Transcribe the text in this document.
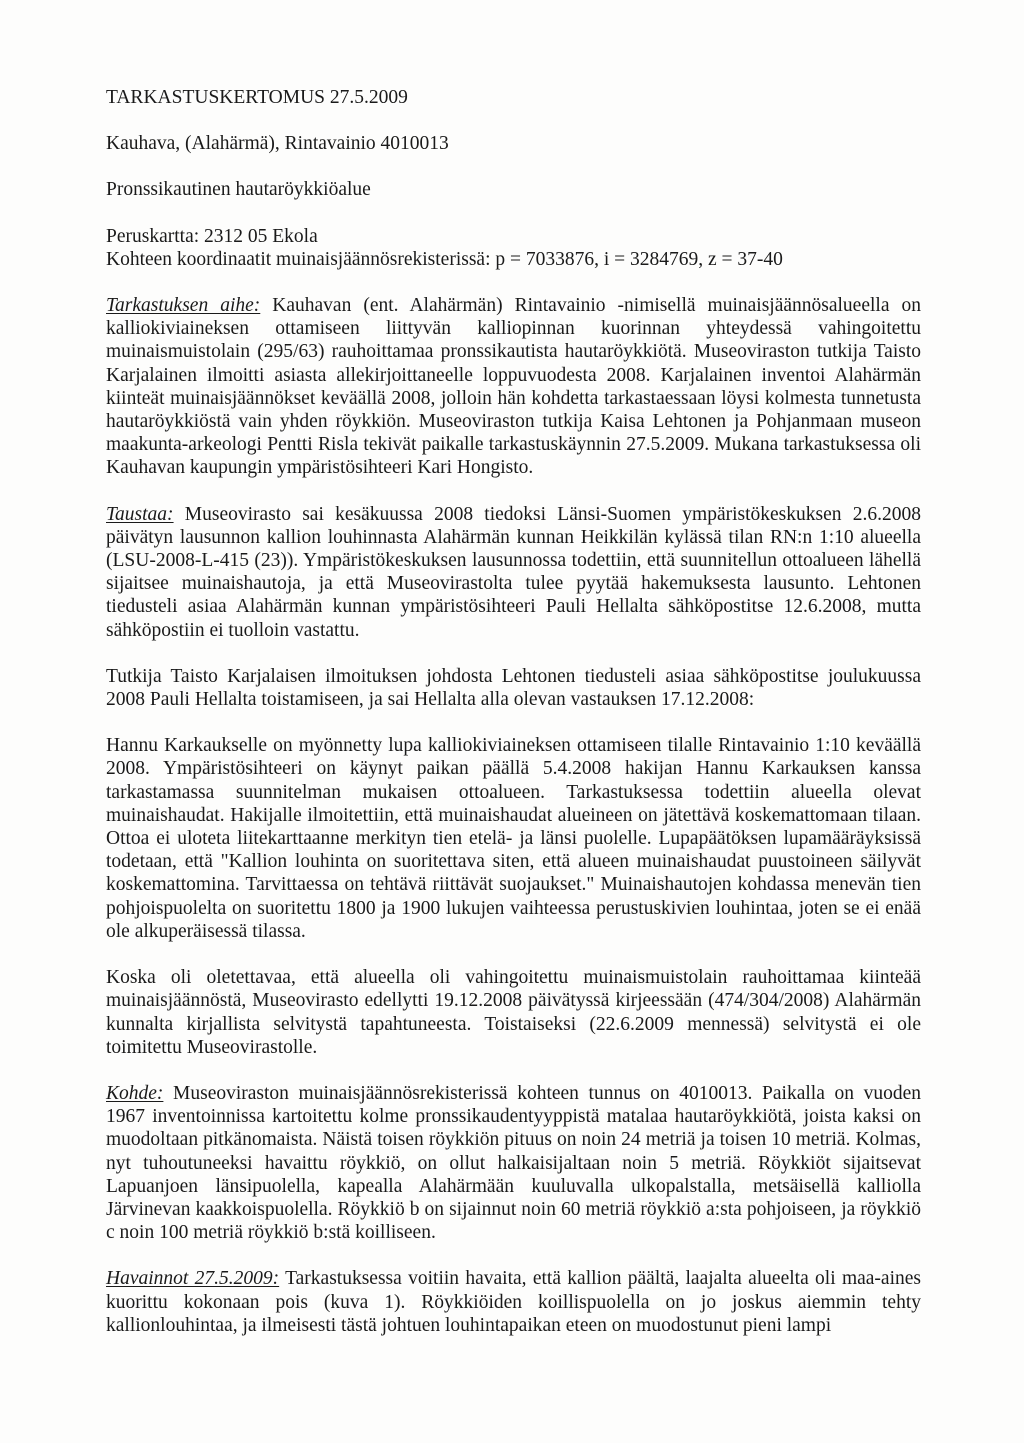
TARKASTUSKERTOMUS 27.5.2009

Kauhava, (Alahärmä), Rintavainio 4010013

Pronssikautinen hautaröykkiöalue

Peruskartta: 2312 05 Ekola

Kohteen koordinaatit muinaisjäännösrekisterissä: p = 7033876, i = 3284769, z = 37-40

Tarkastuksen aihe: Kauhavan (ent. Alahärmän) Rintavainio -nimisellä muinaisjäännösalueella on kalliokiviaineksen ottamiseen liittyvän kalliopinnan kuorinnan yhteydessä vahingoitettu muinaismuistolain (295/63) rauhoittamaa pronssikautista hautaröykkiötä. Museoviraston tutkija Taisto Karjalainen ilmoitti asiasta allekirjoittaneelle loppuvuodesta 2008. Karjalainen inventoi Alahärmän kiinteät muinaisjäännökset keväällä 2008, jolloin hän kohdetta tarkastaessaan löysi kolmesta tunnetusta hautaröykkiöstä vain yhden röykkiön. Museoviraston tutkija Kaisa Lehtonen ja Pohjanmaan museon maakunta-arkeologi Pentti Risla tekivät paikalle tarkastuskäynnin 27.5.2009. Mukana tarkastuksessa oli Kauhavan kaupungin ympäristösihteeri Kari Hongisto.

Taustaa: Museovirasto sai kesäkuussa 2008 tiedoksi Länsi-Suomen ympäristökeskuksen 2.6.2008 päivätyn lausunnon kallion louhinnasta Alahärmän kunnan Heikkilän kylässä tilan RN:n 1:10 alueella (LSU-2008-L-415 (23)). Ympäristökeskuksen lausunnossa todettiin, että suunnitellun ottoalueen lähellä sijaitsee muinaishautoja, ja että Museovirastolta tulee pyytää hakemuksesta lausunto. Lehtonen tiedusteli asiaa Alahärmän kunnan ympäristösihteeri Pauli Hellalta sähköpostitse 12.6.2008, mutta sähköpostiin ei tuolloin vastattu.

Tutkija Taisto Karjalaisen ilmoituksen johdosta Lehtonen tiedusteli asiaa sähköpostitse joulukuussa 2008 Pauli Hellalta toistamiseen, ja sai Hellalta alla olevan vastauksen 17.12.2008:

Hannu Karkaukselle on myönnetty lupa kalliokiviaineksen ottamiseen tilalle Rintavainio 1:10 keväällä 2008. Ympäristösihteeri on käynyt paikan päällä 5.4.2008 hakijan Hannu Karkauksen kanssa tarkastamassa suunnitelman mukaisen ottoalueen. Tarkastuksessa todettiin alueella olevat muinaishaudat. Hakijalle ilmoitettiin, että muinaishaudat alueineen on jätettävä koskemattomaan tilaan. Ottoa ei uloteta liitekarttaanne merkityn tien etelä- ja länsi puolelle. Lupapäätöksen lupamääräyksissä todetaan, että "Kallion louhinta on suoritettava siten, että alueen muinaishaudat puustoineen säilyvät koskemattomina. Tarvittaessa on tehtävä riittävät suojaukset." Muinaishautojen kohdassa menevän tien pohjoispuolelta on suoritettu 1800 ja 1900 lukujen vaihteessa perustuskivien louhintaa, joten se ei enää ole alkuperäisessä tilassa.

Koska oli oletettavaa, että alueella oli vahingoitettu muinaismuistolain rauhoittamaa kiinteää muinaisjäännöstä, Museovirasto edellytti 19.12.2008 päivätyssä kirjeessään (474/304/2008) Alahärmän kunnalta kirjallista selvitystä tapahtuneesta. Toistaiseksi (22.6.2009 mennessä) selvitystä ei ole toimitettu Museovirastolle.

Kohde: Museoviraston muinaisjäännösrekisterissä kohteen tunnus on 4010013. Paikalla on vuoden 1967 inventoinnissa kartoitettu kolme pronssikaudentyyppistä matalaa hautaröykkiötä, joista kaksi on muodoltaan pitkänomaista. Näistä toisen röykkiön pituus on noin 24 metriä ja toisen 10 metriä. Kolmas, nyt tuhoutuneeksi havaittu röykkiö, on ollut halkaisijaltaan noin 5 metriä. Röykkiöt sijaitsevat Lapuanjoen länsipuolella, kapealla Alahärmään kuuluvalla ulkopalstalla, metsäisellä kalliolla Järvinevan kaakkoispuolella. Röykkiö b on sijainnut noin 60 metriä röykkiö a:sta pohjoiseen, ja röykkiö c noin 100 metriä röykkiö b:stä koilliseen.

Havainnot 27.5.2009: Tarkastuksessa voitiin havaita, että kallion päältä, laajalta alueelta oli maa-aines kuorittu kokonaan pois (kuva 1). Röykkiöiden koillispuolella on jo joskus aiemmin tehty kallionlouhintaa, ja ilmeisesti tästä johtuen louhintapaikan eteen on muodostunut pieni lampi
